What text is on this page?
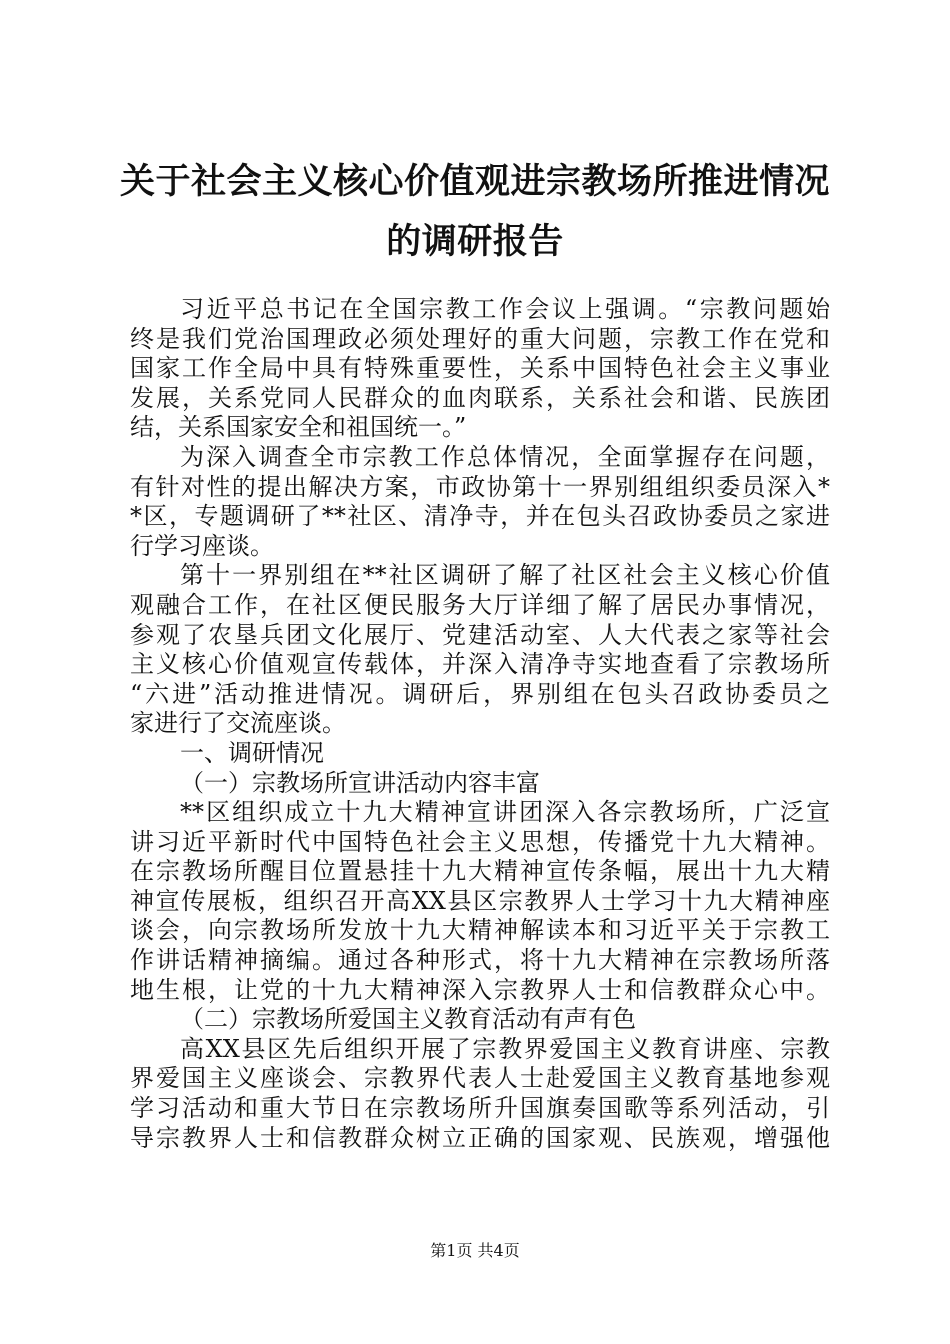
关于社会主义核心价值观进宗教场所推进情况
的调研报告
习近平总书记在全国宗教工作会议上强调。“宗教问题始
终是我们党治国理政必须处理好的重大问题，宗教工作在党和
国家工作全局中具有特殊重要性，关系中国特色社会主义事业
发展，关系党同人民群众的血肉联系，关系社会和谐、民族团
结，关系国家安全和祖国统一。”
为深入调查全市宗教工作总体情况，全面掌握存在问题，
有针对性的提出解决方案，市政协第十一界别组组织委员深入*
*区，专题调研了**社区、清净寺，并在包头召政协委员之家进
行学习座谈。
第十一界别组在**社区调研了解了社区社会主义核心价值
观融合工作，在社区便民服务大厅详细了解了居民办事情况，
参观了农垦兵团文化展厅、党建活动室、人大代表之家等社会
主义核心价值观宣传载体，并深入清净寺实地查看了宗教场所
“六进”活动推进情况。调研后，界别组在包头召政协委员之
家进行了交流座谈。
一、调研情况
（一）宗教场所宣讲活动内容丰富
**区组织成立十九大精神宣讲团深入各宗教场所，广泛宣
讲习近平新时代中国特色社会主义思想，传播党十九大精神。
在宗教场所醒目位置悬挂十九大精神宣传条幅，展出十九大精
神宣传展板，组织召开高XX县区宗教界人士学习十九大精神座
谈会，向宗教场所发放十九大精神解读本和习近平关于宗教工
作讲话精神摘编。通过各种形式，将十九大精神在宗教场所落
地生根，让党的十九大精神深入宗教界人士和信教群众心中。
（二）宗教场所爱国主义教育活动有声有色
高XX县区先后组织开展了宗教界爱国主义教育讲座、宗教
界爱国主义座谈会、宗教界代表人士赴爱国主义教育基地参观
学习活动和重大节日在宗教场所升国旗奏国歌等系列活动，引
导宗教界人士和信教群众树立正确的国家观、民族观，增强他
第1页 共4页
